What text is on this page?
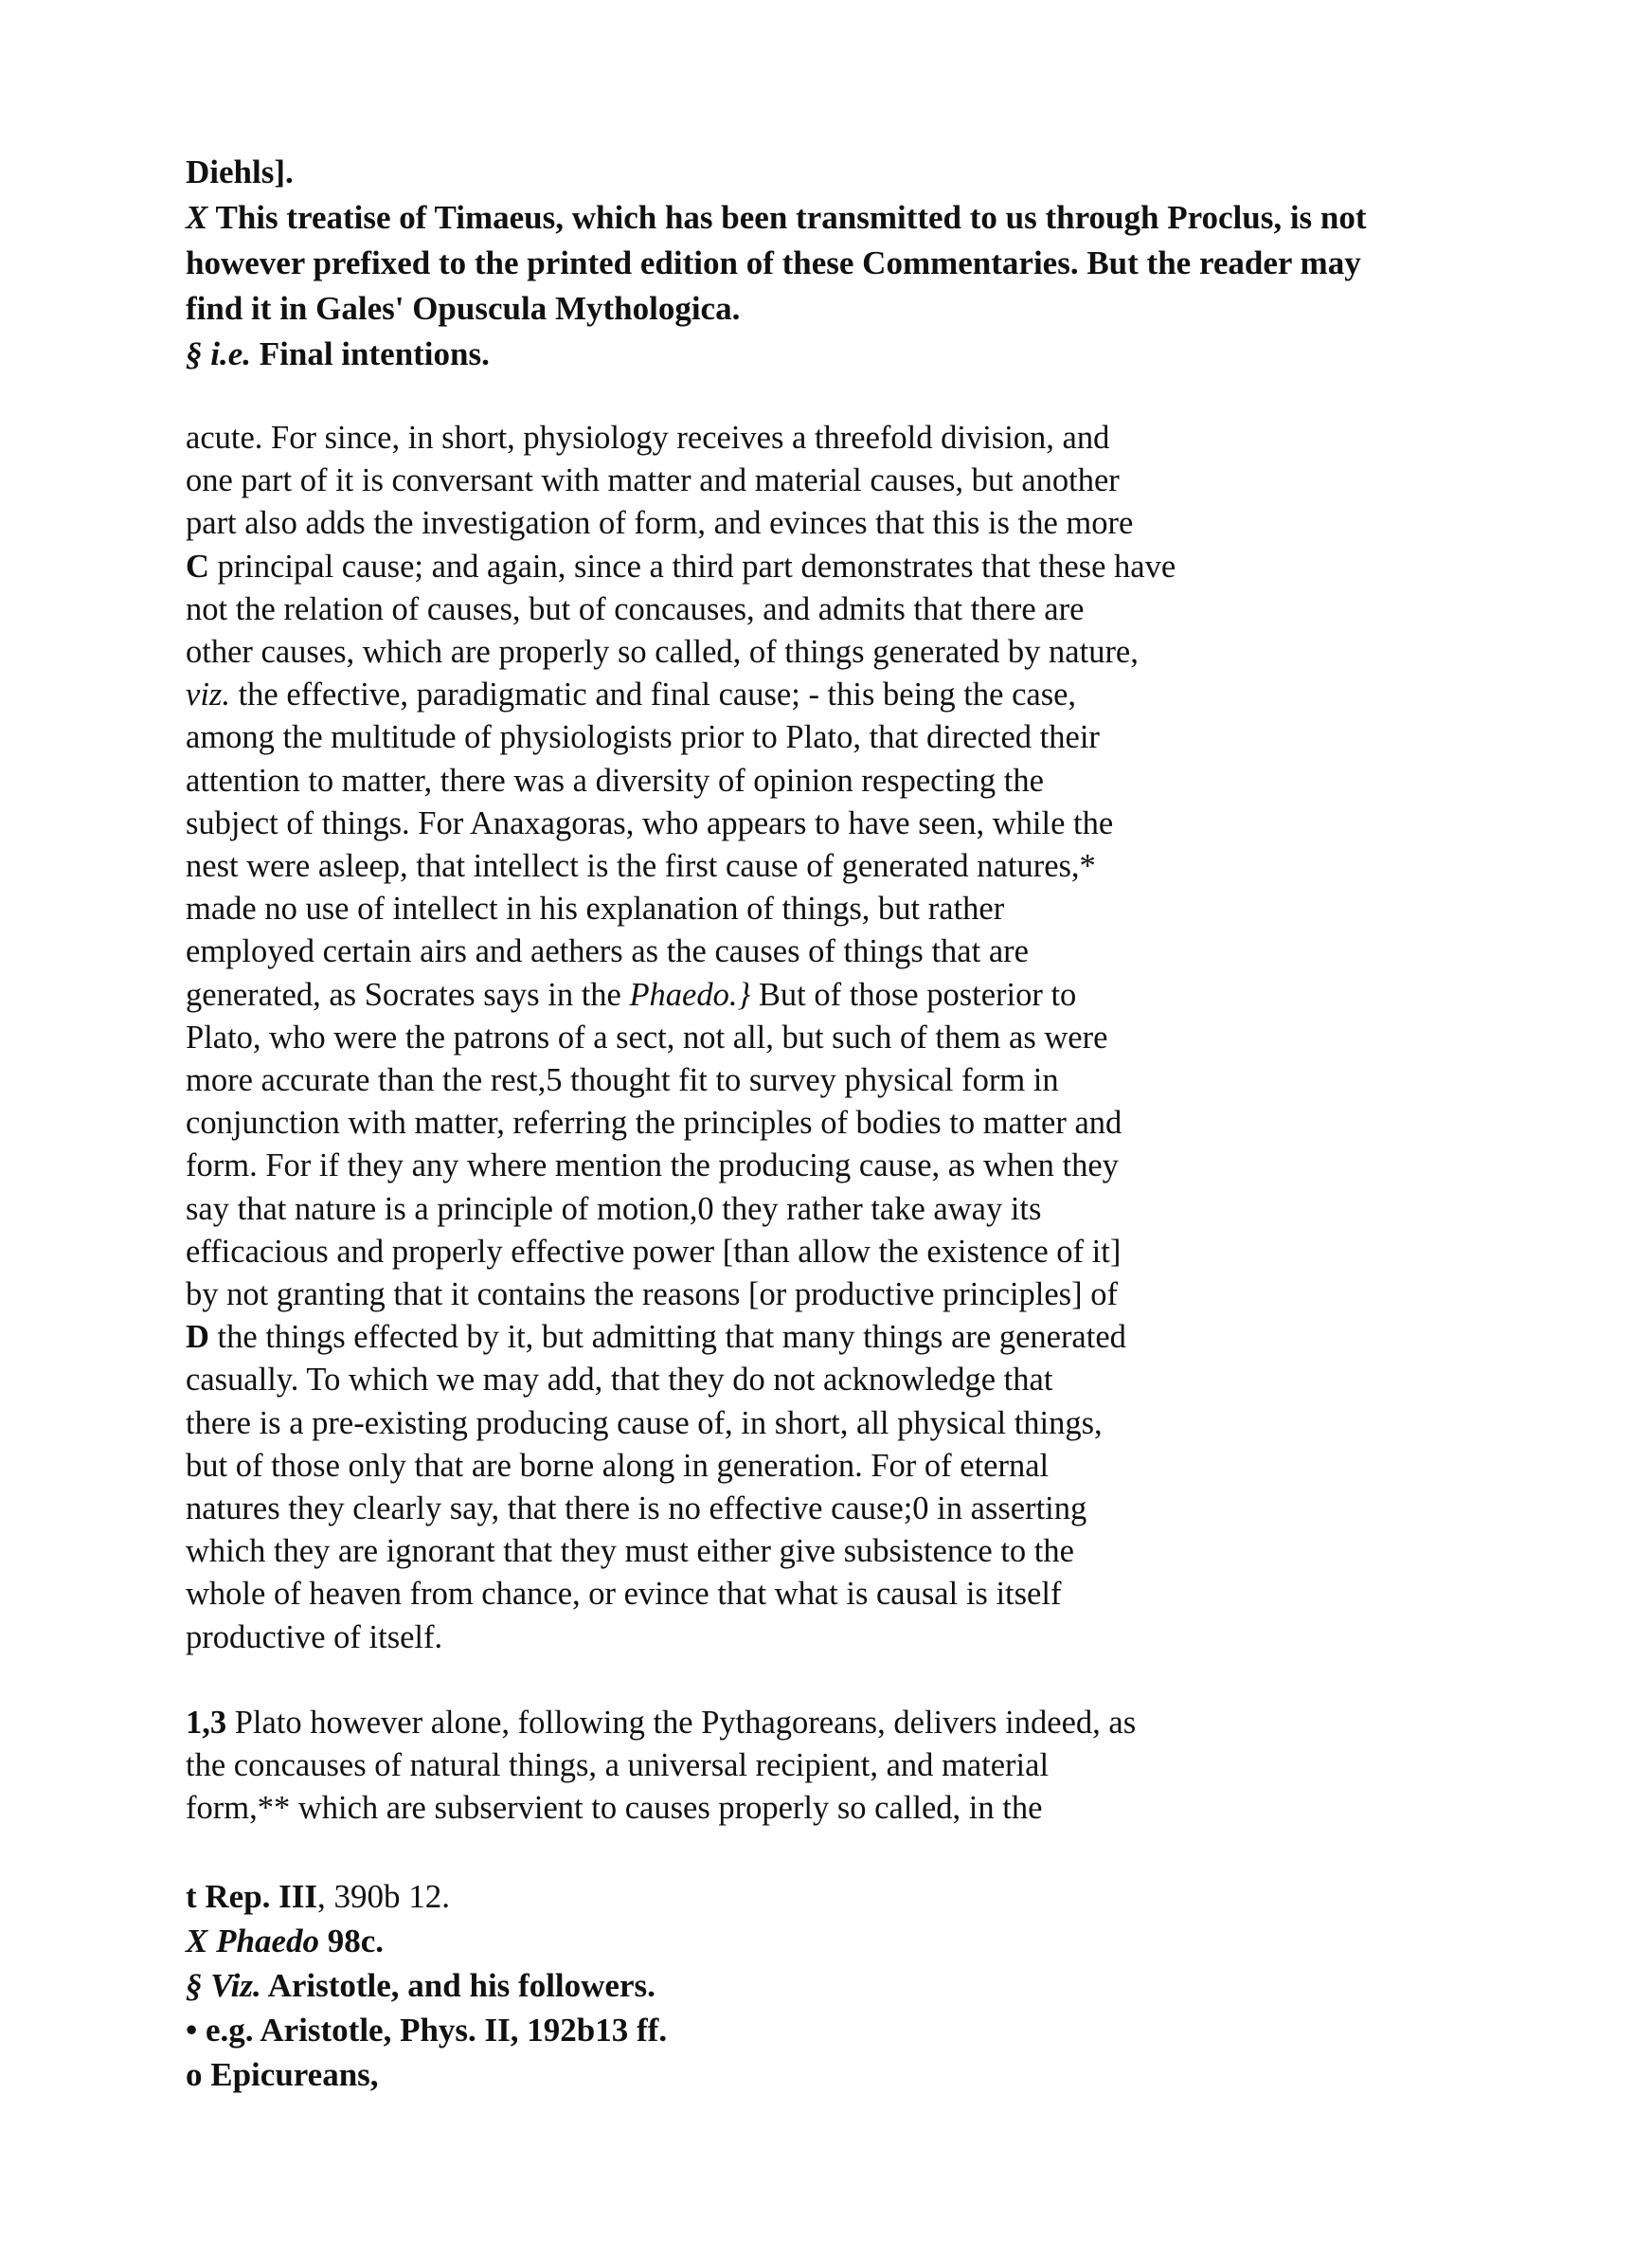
Diehls].
X This treatise of Timaeus, which has been transmitted to us through Proclus, is not
however prefixed to the printed edition of these Commentaries. But the reader may
find it in Gales' Opuscula Mythologica.
§ i.e. Final intentions.
acute. For since, in short, physiology receives a threefold division, and
one part of it is conversant with matter and material causes, but another
part also adds the investigation of form, and evinces that this is the more
C principal cause; and again, since a third part demonstrates that these have
not the relation of causes, but of concauses, and admits that there are
other causes, which are properly so called, of things generated by nature,
viz. the effective, paradigmatic and final cause; - this being the case,
among the multitude of physiologists prior to Plato, that directed their
attention to matter, there was a diversity of opinion respecting the
subject of things. For Anaxagoras, who appears to have seen, while the
nest were asleep, that intellect is the first cause of generated natures,*
made no use of intellect in his explanation of things, but rather
employed certain airs and aethers as the causes of things that are
generated, as Socrates says in the Phaedo.} But of those posterior to
Plato, who were the patrons of a sect, not all, but such of them as were
more accurate than the rest,5 thought fit to survey physical form in
conjunction with matter, referring the principles of bodies to matter and
form. For if they any where mention the producing cause, as when they
say that nature is a principle of motion,0 they rather take away its
efficacious and properly effective power [than allow the existence of it]
by not granting that it contains the reasons [or productive principles] of
D the things effected by it, but admitting that many things are generated
casually. To which we may add, that they do not acknowledge that
there is a pre-existing producing cause of, in short, all physical things,
but of those only that are borne along in generation. For of eternal
natures they clearly say, that there is no effective cause;0 in asserting
which they are ignorant that they must either give subsistence to the
whole of heaven from chance, or evince that what is causal is itself
productive of itself.
1,3 Plato however alone, following the Pythagoreans, delivers indeed, as
the concauses of natural things, a universal recipient, and material
form,** which are subservient to causes properly so called, in the
t Rep. III, 390b 12.
X Phaedo 98c.
§ Viz. Aristotle, and his followers.
• e.g. Aristotle, Phys. II, 192b13 ff.
o Epicureans,
